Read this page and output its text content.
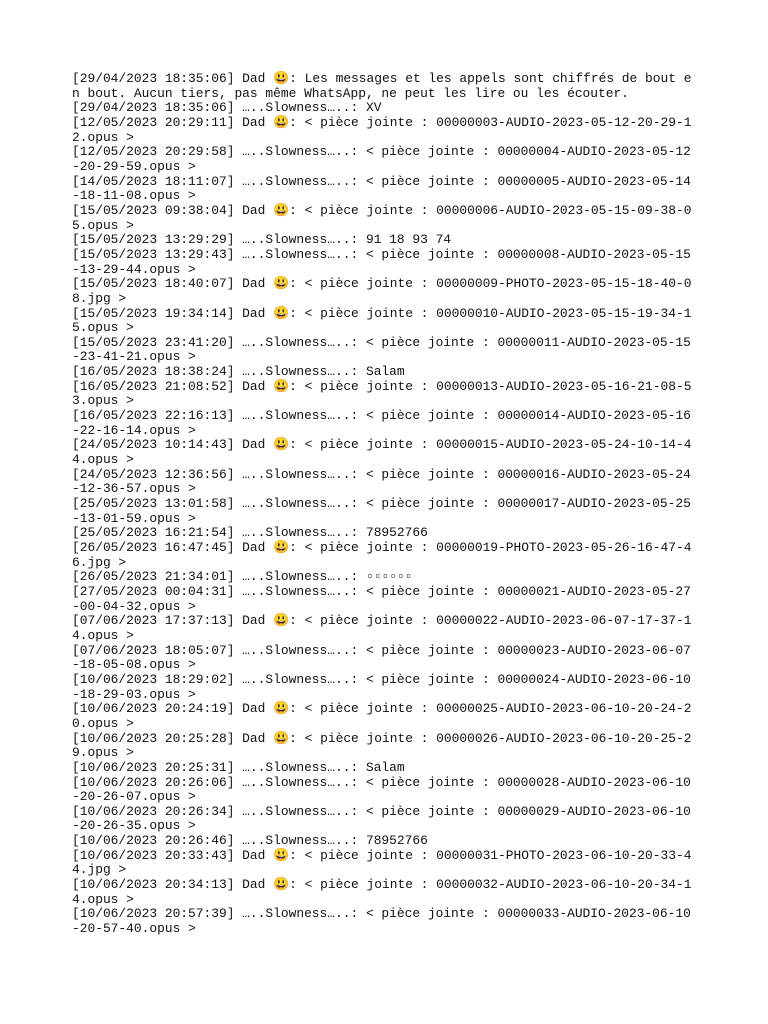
[29/04/2023 18:35:06] Dad 😃: Les messages et les appels sont chiffrés de bout en bout. Aucun tiers, pas même WhatsApp, ne peut les lire ou les écouter.
[29/04/2023 18:35:06] …..Slowness…..: XV
[12/05/2023 20:29:11] Dad 😃: < pièce jointe : 00000003-AUDIO-2023-05-12-20-29-12.opus >
[12/05/2023 20:29:58] …..Slowness…..: < pièce jointe : 00000004-AUDIO-2023-05-12-20-29-59.opus >
[14/05/2023 18:11:07] …..Slowness…..: < pièce jointe : 00000005-AUDIO-2023-05-14-18-11-08.opus >
[15/05/2023 09:38:04] Dad 😃: < pièce jointe : 00000006-AUDIO-2023-05-15-09-38-05.opus >
[15/05/2023 13:29:29] …..Slowness…..: 91 18 93 74
[15/05/2023 13:29:43] …..Slowness…..: < pièce jointe : 00000008-AUDIO-2023-05-15-13-29-44.opus >
[15/05/2023 18:40:07] Dad 😃: < pièce jointe : 00000009-PHOTO-2023-05-15-18-40-08.jpg >
[15/05/2023 19:34:14] Dad 😃: < pièce jointe : 00000010-AUDIO-2023-05-15-19-34-15.opus >
[15/05/2023 23:41:20] …..Slowness…..: < pièce jointe : 00000011-AUDIO-2023-05-15-23-41-21.opus >
[16/05/2023 18:38:24] …..Slowness…..: Salam
[16/05/2023 21:08:52] Dad 😃: < pièce jointe : 00000013-AUDIO-2023-05-16-21-08-53.opus >
[16/05/2023 22:16:13] …..Slowness…..: < pièce jointe : 00000014-AUDIO-2023-05-16-22-16-14.opus >
[24/05/2023 10:14:43] Dad 😃: < pièce jointe : 00000015-AUDIO-2023-05-24-10-14-44.opus >
[24/05/2023 12:36:56] …..Slowness…..: < pièce jointe : 00000016-AUDIO-2023-05-24-12-36-57.opus >
[25/05/2023 13:01:58] …..Slowness…..: < pièce jointe : 00000017-AUDIO-2023-05-25-13-01-59.opus >
[25/05/2023 16:21:54] …..Slowness…..: 78952766
[26/05/2023 16:47:45] Dad 😃: < pièce jointe : 00000019-PHOTO-2023-05-26-16-47-46.jpg >
[26/05/2023 21:34:01] …..Slowness…..: ▫▫▫▫▫▫
[27/05/2023 00:04:31] …..Slowness…..: < pièce jointe : 00000021-AUDIO-2023-05-27-00-04-32.opus >
[07/06/2023 17:37:13] Dad 😃: < pièce jointe : 00000022-AUDIO-2023-06-07-17-37-14.opus >
[07/06/2023 18:05:07] …..Slowness…..: < pièce jointe : 00000023-AUDIO-2023-06-07-18-05-08.opus >
[10/06/2023 18:29:02] …..Slowness…..: < pièce jointe : 00000024-AUDIO-2023-06-10-18-29-03.opus >
[10/06/2023 20:24:19] Dad 😃: < pièce jointe : 00000025-AUDIO-2023-06-10-20-24-20.opus >
[10/06/2023 20:25:28] Dad 😃: < pièce jointe : 00000026-AUDIO-2023-06-10-20-25-29.opus >
[10/06/2023 20:25:31] …..Slowness…..: Salam
[10/06/2023 20:26:06] …..Slowness…..: < pièce jointe : 00000028-AUDIO-2023-06-10-20-26-07.opus >
[10/06/2023 20:26:34] …..Slowness…..: < pièce jointe : 00000029-AUDIO-2023-06-10-20-26-35.opus >
[10/06/2023 20:26:46] …..Slowness…..: 78952766
[10/06/2023 20:33:43] Dad 😃: < pièce jointe : 00000031-PHOTO-2023-06-10-20-33-44.jpg >
[10/06/2023 20:34:13] Dad 😃: < pièce jointe : 00000032-AUDIO-2023-06-10-20-34-14.opus >
[10/06/2023 20:57:39] …..Slowness…..: < pièce jointe : 00000033-AUDIO-2023-06-10-20-57-40.opus >
